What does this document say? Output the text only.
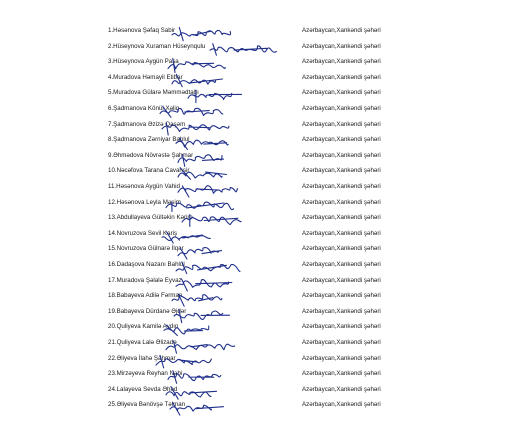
1.Həsənova Şəfaq Sabir	Azərbaycan,Xankəndi şəhəri
2.Hüseynova Xuraman Hüseynqulu	Azərbaycan,Xankəndi şəhəri
3.Hüseynova Aygün Paşa	Azərbaycan,Xankəndi şəhəri
4.Muradova Həmayil Etibar	Azərbaycan,Xankəndi şəhəri
5.Muradova Gülarə Məmmədtağı	Azərbaycan,Xankəndi şəhəri
6.Şadmanova Könül Xəliq	Azərbaycan,Xankəndi şəhəri
7.Şadmanova Əzizə Qaşəm	Azərbaycan,Xankəndi şəhəri
8.Şadmanova Zərniyar Bahlul	Azərbaycan,Xankəndi şəhəri
9.Əhmədova Növrəstə Şahmar	Azərbaycan,Xankəndi şəhəri
10.Nəcəfova Tarana Cavanşir	Azərbaycan,Xankəndi şəhəri
11.Həsənova Aygün Vahid	Azərbaycan,Xankəndi şəhəri
12.Həsənova Leyla Məsim	Azərbaycan,Xankəndi şəhəri
13.Abdullayeva Gültəkin Kərim	Azərbaycan,Xankəndi şəhəri
14.Novruzova Sevil Kariş	Azərbaycan,Xankəndi şəhəri
15.Novruzova Gülnarə İlqar	Azərbaycan,Xankəndi şəhəri
16.Dadaşova Nazanı Bahlul	Azərbaycan,Xankəndi şəhəri
17.Muradova Şəlalə Eyvaz	Azərbaycan,Xankəndi şəhəri
18.Babayeva Adilə Fərman	Azərbaycan,Xankəndi şəhəri
19.Babayeva Dürdanə Əjdər	Azərbaycan,Xankəndi şəhəri
20.Quliyeva Kamilə Aydın	Azərbaycan,Xankəndi şəhəri
21.Quliyeva Lalə Əlizadə	Azərbaycan,Xankəndi şəhəri
22.Əliyeva İlahə Şahmar	Azərbaycan,Xankəndi şəhəri
23.Mirzəyeva Reyhan Nəbi	Azərbaycan,Xankəndi şəhəri
24.Lalayeva Sevda Əhəd	Azərbaycan,Xankəndi şəhəri
25.Əliyeva Bənövşə Təlman	Azərbaycan,Xankəndi şəhəri
